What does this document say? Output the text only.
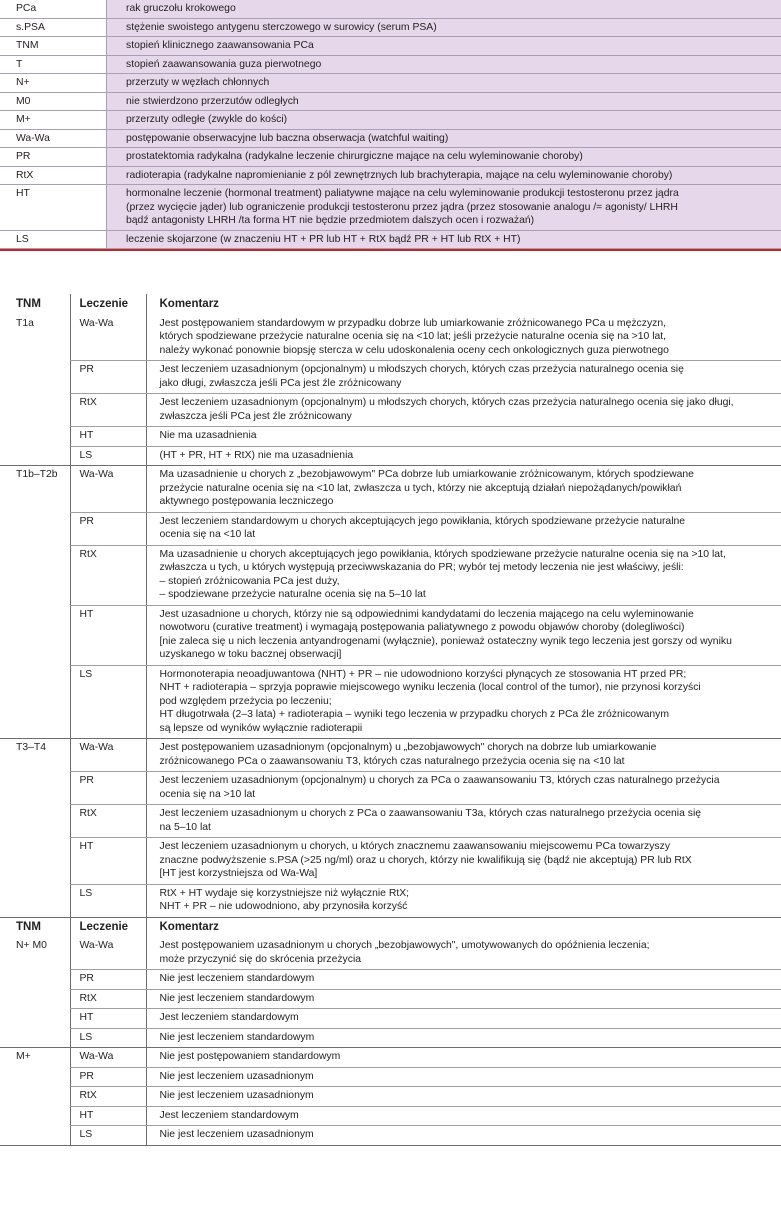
PCa	rak gruczołu krokowego
s.PSA	stężenie swoistego antygenu sterczowego w surowicy (serum PSA)
TNM	stopień klinicznego zaawansowania PCa
T	stopień zaawansowania guza pierwotnego
N+	przerzuty w węzłach chłonnych
M0	nie stwierdzono przerzutów odległych
M+	przerzuty odległe (zwykle do kości)
Wa-Wa	postępowanie obserwacyjne lub baczna obserwacja (watchful waiting)
PR	prostatektomia radykalna (radykalne leczenie chirurgiczne mające na celu wyleminowanie choroby)
RtX	radioterapia (radykalne napromienianie z pól zewnętrznych lub brachyterapia, mające na celu wyleminowanie choroby)
HT	hormonalne leczenie (hormonal treatment) paliatywne mające na celu wyleminowanie produkcji testosteronu przez jądra
(przez wycięcie jąder) lub ograniczenie produkcji testosteronu przez jądra (przez stosowanie analogu /= agonisty/ LHRH
bądź antagonisty LHRH /ta forma HT nie będzie przedmiotem dalszych ocen i rozważań)
LS	leczenie skojarzone (w znaczeniu HT + PR lub HT + RtX bądź PR + HT lub RtX + HT)
TNM	Leczenie	Komentarz
T1a	Wa-Wa	Jest postępowaniem standardowym w przypadku dobrze lub umiarkowanie zróżnicowanego PCa u mężczyzn,
których spodziewane przeżycie naturalne ocenia się na <10 lat; jeśli przeżycie naturalne ocenia się na >10 lat,
należy wykonać ponownie biopsję stercza w celu udoskonalenia oceny cech onkologicznych guza pierwotnego

	PR	Jest leczeniem uzasadnionym (opcjonalnym) u młodszych chorych, których czas przeżycia naturalnego ocenia się
jako długi, zwłaszcza jeśli PCa jest źle zróżnicowany

	RtX	Jest leczeniem uzasadnionym (opcjonalnym) u młodszych chorych, których czas przeżycia naturalnego ocenia się jako długi,
zwłaszcza jeśli PCa jest źle zróżnicowany

	HT	Nie ma uzasadnienia

	LS	(HT + PR, HT + RtX) nie ma uzasadnienia

T1b–T2b	Wa-Wa	Ma uzasadnienie u chorych z „bezobjawowym" PCa dobrze lub umiarkowanie zróżnicowanym, których spodziewane
przeżycie naturalne ocenia się na <10 lat, zwłaszcza u tych, którzy nie akceptują działań niepożądanych/powikłań
aktywnego postępowania leczniczego

	PR	Jest leczeniem standardowym u chorych akceptujących jego powikłania, których spodziewane przeżycie naturalne
ocenia się na <10 lat

	RtX	Ma uzasadnienie u chorych akceptujących jego powikłania, których spodziewane przeżycie naturalne ocenia się na >10 lat,
zwłaszcza u tych, u których występują przeciwwskazania do PR; wybór tej metody leczenia nie jest właściwy, jeśli:
– stopień zróżnicowania PCa jest duży,
– spodziewane przeżycie naturalne ocenia się na 5–10 lat

	HT	Jest uzasadnione u chorych, którzy nie są odpowiednimi kandydatami do leczenia mającego na celu wyleminowanie
nowotworu (curative treatment) i wymagają postępowania paliatywnego z powodu objawów choroby (dolegliwości)
[nie zaleca się u nich leczenia antyandrogenami (wyłącznie), ponieważ ostateczny wynik tego leczenia jest gorszy od wyniku
uzyskanego w toku bacznej obserwacji]

	LS	Hormonoterapia neoadjuwantowa (NHT) + PR – nie udowodniono korzyści płynących ze stosowania HT przed PR;
NHT + radioterapia – sprzyja poprawie miejscowego wyniku leczenia (local control of the tumor), nie przynosi korzyści
pod względem przeżycia po leczeniu;
HT długotrwała (2–3 lata) + radioterapia – wyniki tego leczenia w przypadku chorych z PCa źle zróżnicowanym
są lepsze od wyników wyłącznie radioterapii

T3–T4	Wa-Wa	Jest postępowaniem uzasadnionym (opcjonalnym) u „bezobjawowych" chorych na dobrze lub umiarkowanie
zróżnicowanego PCa o zaawansowaniu T3, których czas naturalnego przeżycia ocenia się na <10 lat

	PR	Jest leczeniem uzasadnionym (opcjonalnym) u chorych za PCa o zaawansowaniu T3, których czas naturalnego przeżycia
ocenia się na >10 lat

	RtX	Jest leczeniem uzasadnionym u chorych z PCa o zaawansowaniu T3a, których czas naturalnego przeżycia ocenia się
na 5–10 lat

	HT	Jest leczeniem uzasadnionym u chorych, u których znacznemu zaawansowaniu miejscowemu PCa towarzyszy
znaczne podwyższenie s.PSA (>25 ng/ml) oraz u chorych, którzy nie kwalifikują się (bądź nie akceptują) PR lub RtX
[HT jest korzystniejsza od Wa-Wa]

	LS	RtX + HT wydaje się korzystniejsze niż wyłącznie RtX;
NHT + PR – nie udowodniono, aby przynosiła korzyść

TNM	Leczenie	Komentarz
N+ M0	Wa-Wa	Jest postępowaniem uzasadnionym u chorych „bezobjawowych", umotywowanych do opóźnienia leczenia;
może przyczynić się do skrócenia przeżycia

	PR	Nie jest leczeniem standardowym

	RtX	Nie jest leczeniem standardowym

	HT	Jest leczeniem standardowym

	LS	Nie jest leczeniem standardowym

M+	Wa-Wa	Nie jest postępowaniem standardowym

	PR	Nie jest leczeniem uzasadnionym

	RtX	Nie jest leczeniem uzasadnionym

	HT	Jest leczeniem standardowym

	LS	Nie jest leczeniem uzasadnionym
